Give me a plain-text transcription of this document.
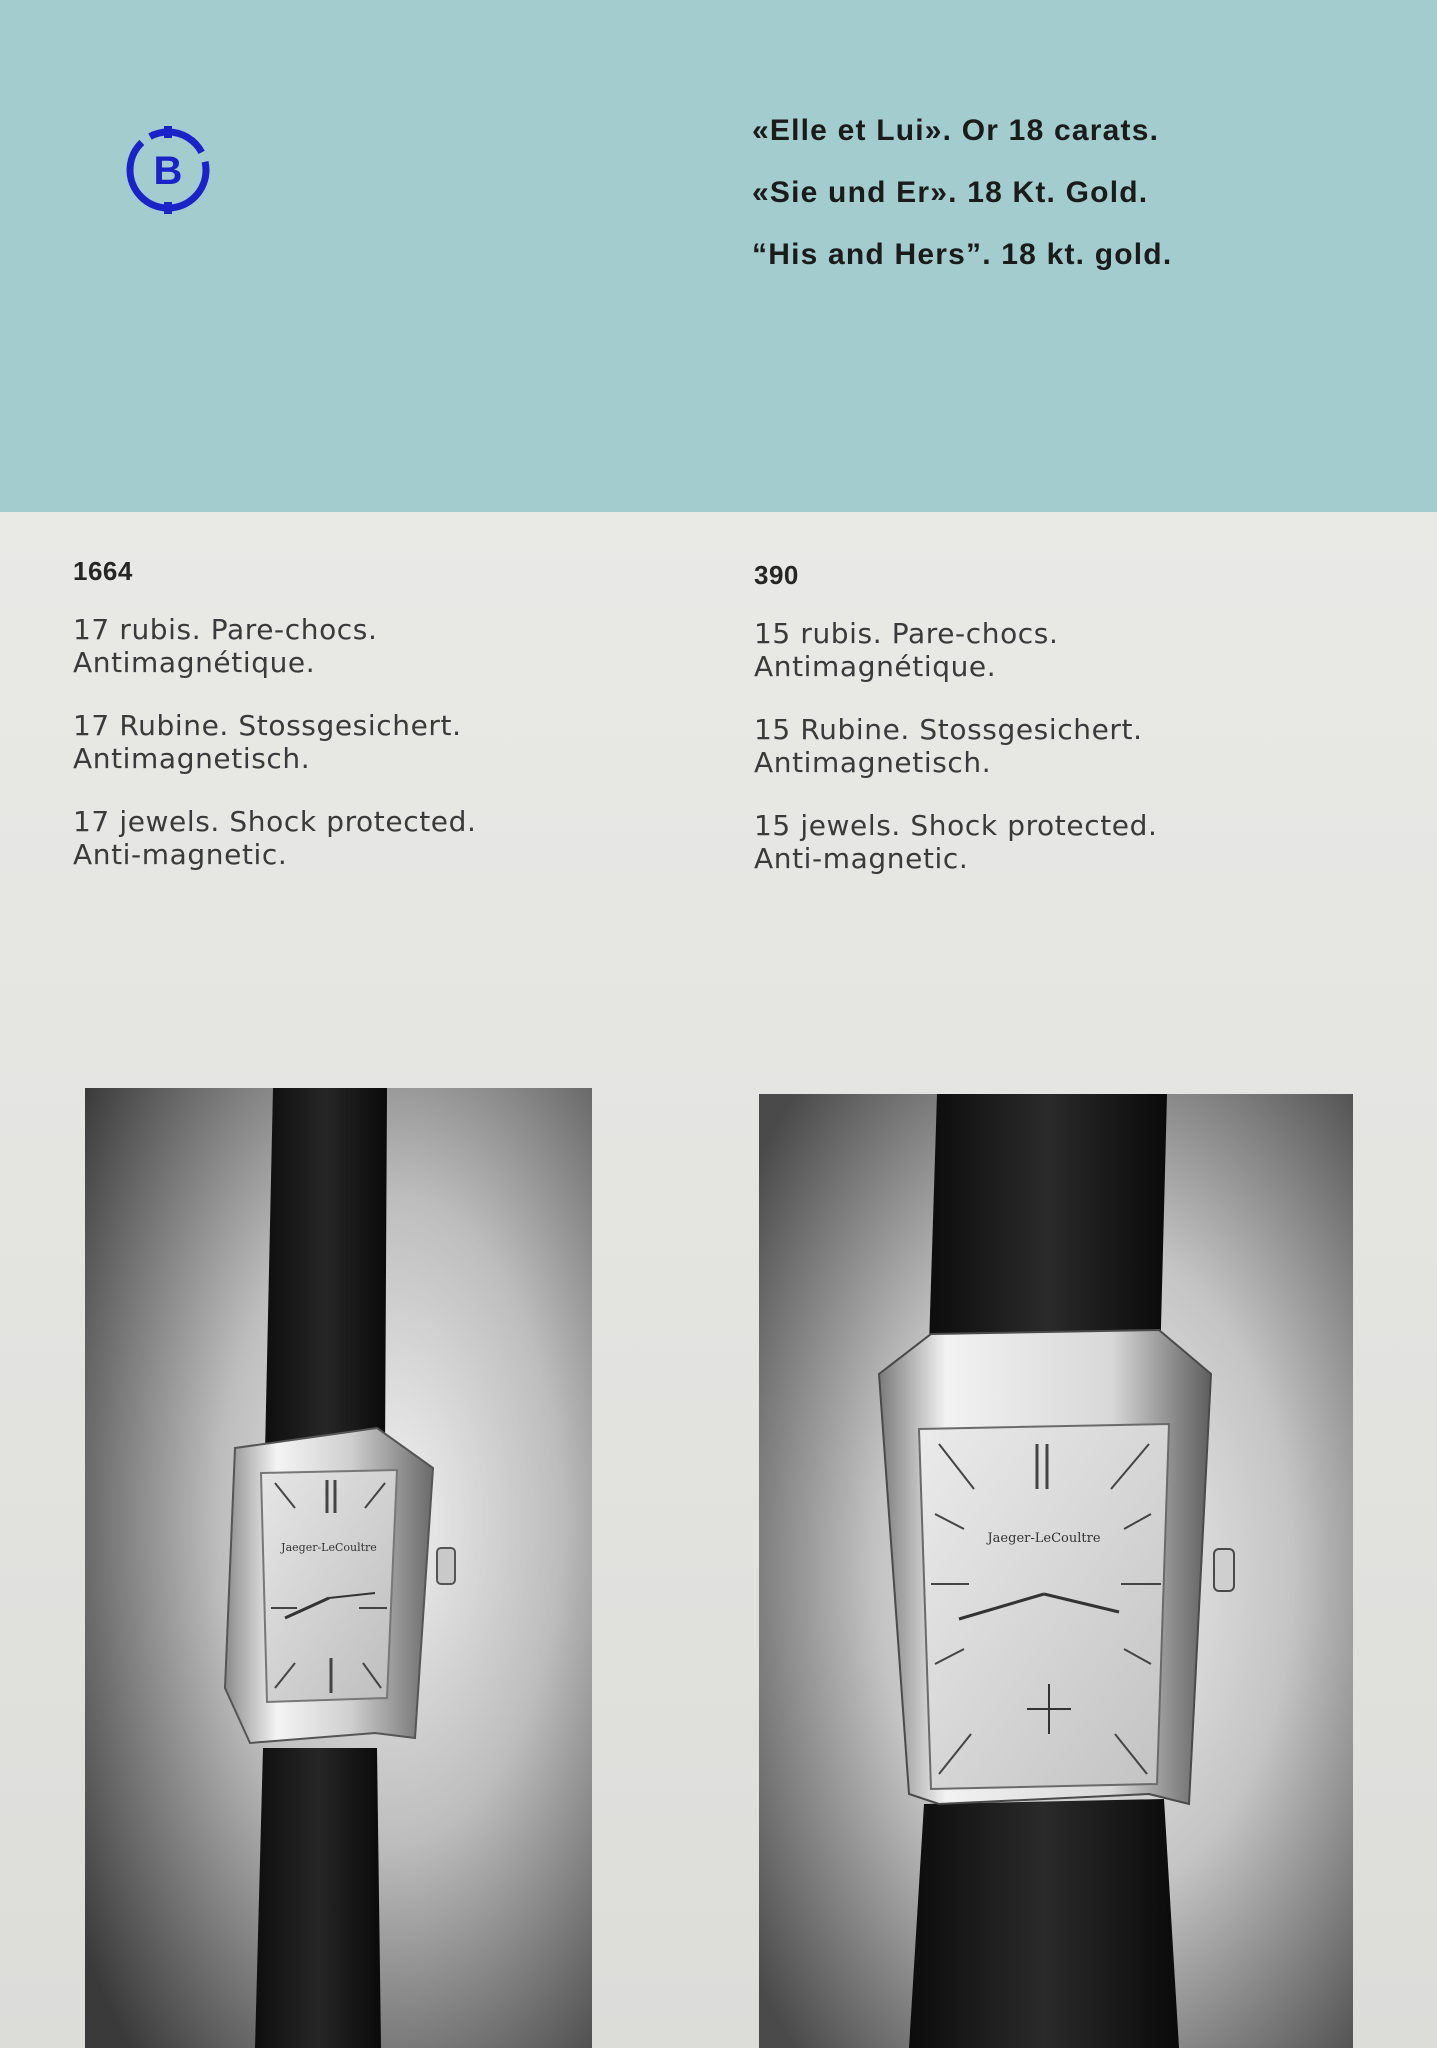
B
«Elle et Lui». Or 18 carats.
«Sie und Er». 18 Kt. Gold.
“His and Hers”. 18 kt. gold.
1664
17 rubis. Pare-chocs.
Antimagnétique.
17 Rubine. Stossgesichert.
Antimagnetisch.
17 jewels. Shock protected.
Anti-magnetic.
390
15 rubis. Pare-chocs.
Antimagnétique.
15 Rubine. Stossgesichert.
Antimagnetisch.
15 jewels. Shock protected.
Anti-magnetic.
Jaeger-LeCoultre
Jaeger-LeCoultre
